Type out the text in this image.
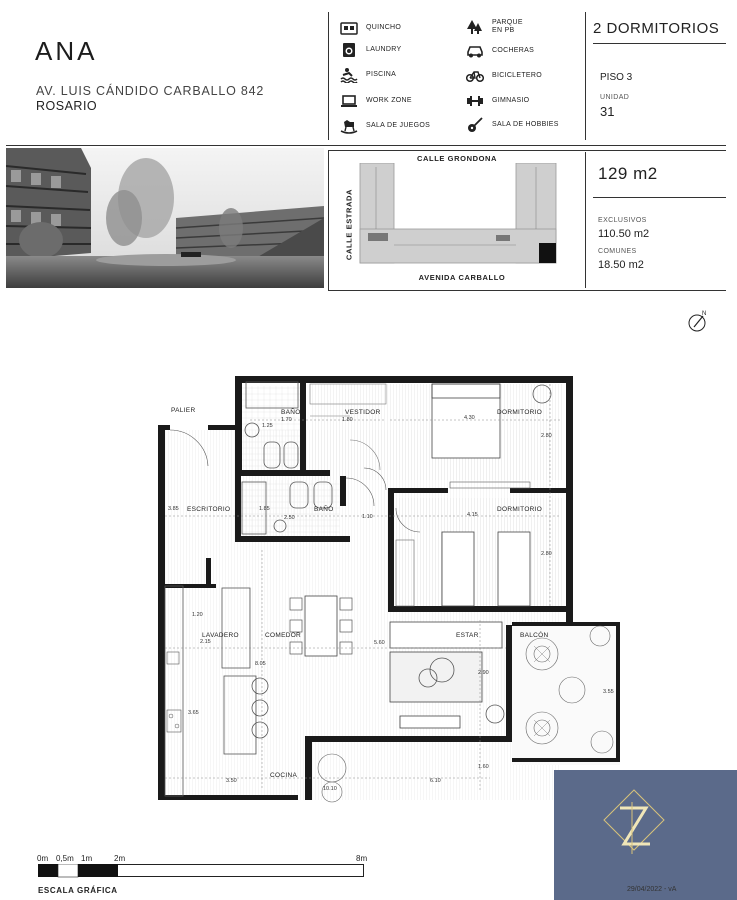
ANA
AV. LUIS CÁNDIDO CARBALLO 842
ROSARIO
QUINCHO
LAUNDRY
PISCINA
WORK ZONE
SALA DE JUEGOS
PARQUE
EN PB
COCHERAS
BICICLETERO
GIMNASIO
SALA DE HOBBIES
2 DORMITORIOS
PISO 3
UNIDAD
31
129 m2
EXCLUSIVOS
110.50 m2
COMUNES
18.50 m2
CALLE GRONDONA
AVENIDA CARBALLO
CALLE ESTRADA
N
PALIER	BAÑO	VESTIDOR	DORMITORIO
ESCRITORIO	BAÑO	DORMITORIO
LAVADERO	COMEDOR	ESTAR	BALCÓN
COCINA
1.70	1.80	4.30
2.80
1.25
3.85	1.85
2.50	1.10	4.15
2.80
1.20
2.15
8.05
5.60
2.90
3.65
3.55
1.60
3.50	6.10
10.10
0m 0,5m 1m	2m	8m
ESCALA GRÁFICA	29/04/2022 - vA
